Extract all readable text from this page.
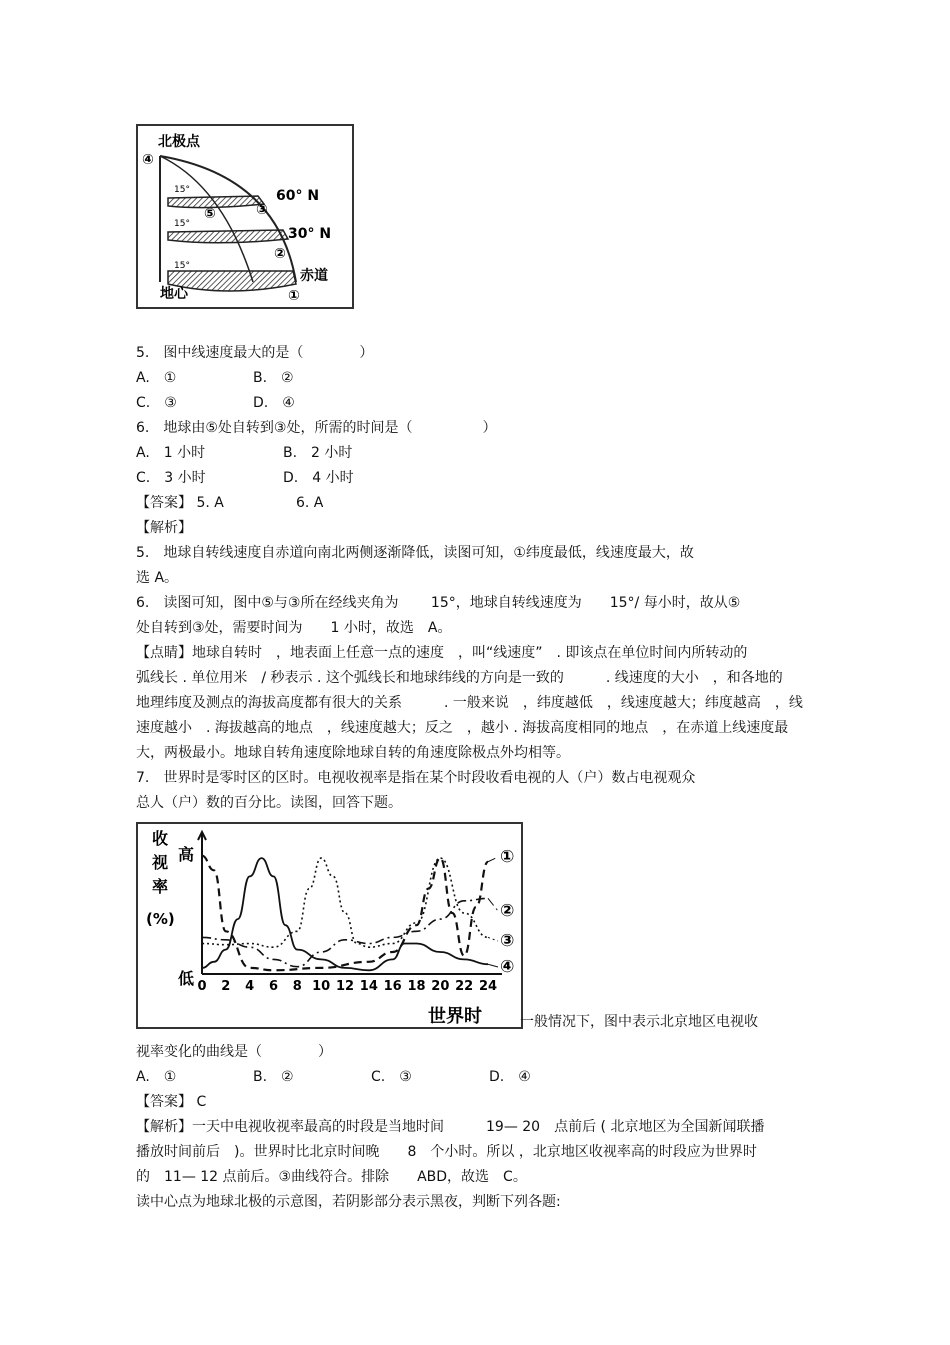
北极点
④
15°
15°
15°
⑤	③
60° N
30° N
②
赤道
①
地心
5.　图中线速度最大的是（　　　　）
A.　①	B.　②
C.　③	D.　④
6.　地球由⑤处自转到③处，所需的时间是（　　　　　）
A.　1 小时	B.　2 小时
C.　3 小时	D.　4 小时
【答案】 5. A	6. A
【解析】
5.　地球自转线速度自赤道向南北两侧逐渐降低，读图可知，①纬度最低，线速度最大，故
选 A。
6.　读图可知，图中⑤与③所在经线夹角为　　 15°，地球自转线速度为　　15°/ 每小时，故从⑤
处自转到③处，需要时间为　　1 小时，故选　A。
【点睛】地球自转时　，地表面上任意一点的速度　，叫“线速度”　. 即该点在单位时间内所转动的
弧线长 . 单位用米　/ 秒表示 . 这个弧线长和地球纬线的方向是一致的　　　. 线速度的大小　，和各地的
地理纬度及测点的海拔高度都有很大的关系　　　. 一般来说　，纬度越低　，线速度越大；纬度越高　，线
速度越小　. 海拔越高的地点　，线速度越大；反之　，越小 . 海拔高度相同的地点　，在赤道上线速度最
大，两极最小。地球自转角速度除地球自转的角速度除极点外均相等。
7.　世界时是零时区的区时。电视收视率是指在某个时段收看电视的人（户）数占电视观众
总人（户）数的百分比。读图，回答下题。
0 2 4 6 8 10 12 14 16 18 20 22 24
①
②
③
④
收
视
率
(%)
高
低
世界时	一般情况下，图中表示北京地区电视收
视率变化的曲线是（　　　　）
A.　①	B.　②	C.　③	D.　④
【答案】 C
【解析】一天中电视收视率最高的时段是当地时间　　　19— 20　点前后 ( 北京地区为全国新闻联播
播放时间前后　)。世界时比北京时间晚　　8　个小时。所以 ，北京地区收视率高的时段应为世界时
的　11— 12 点前后。③曲线符合。排除　　ABD，故选　C。
读中心点为地球北极的示意图，若阴影部分表示黑夜，判断下列各题:
